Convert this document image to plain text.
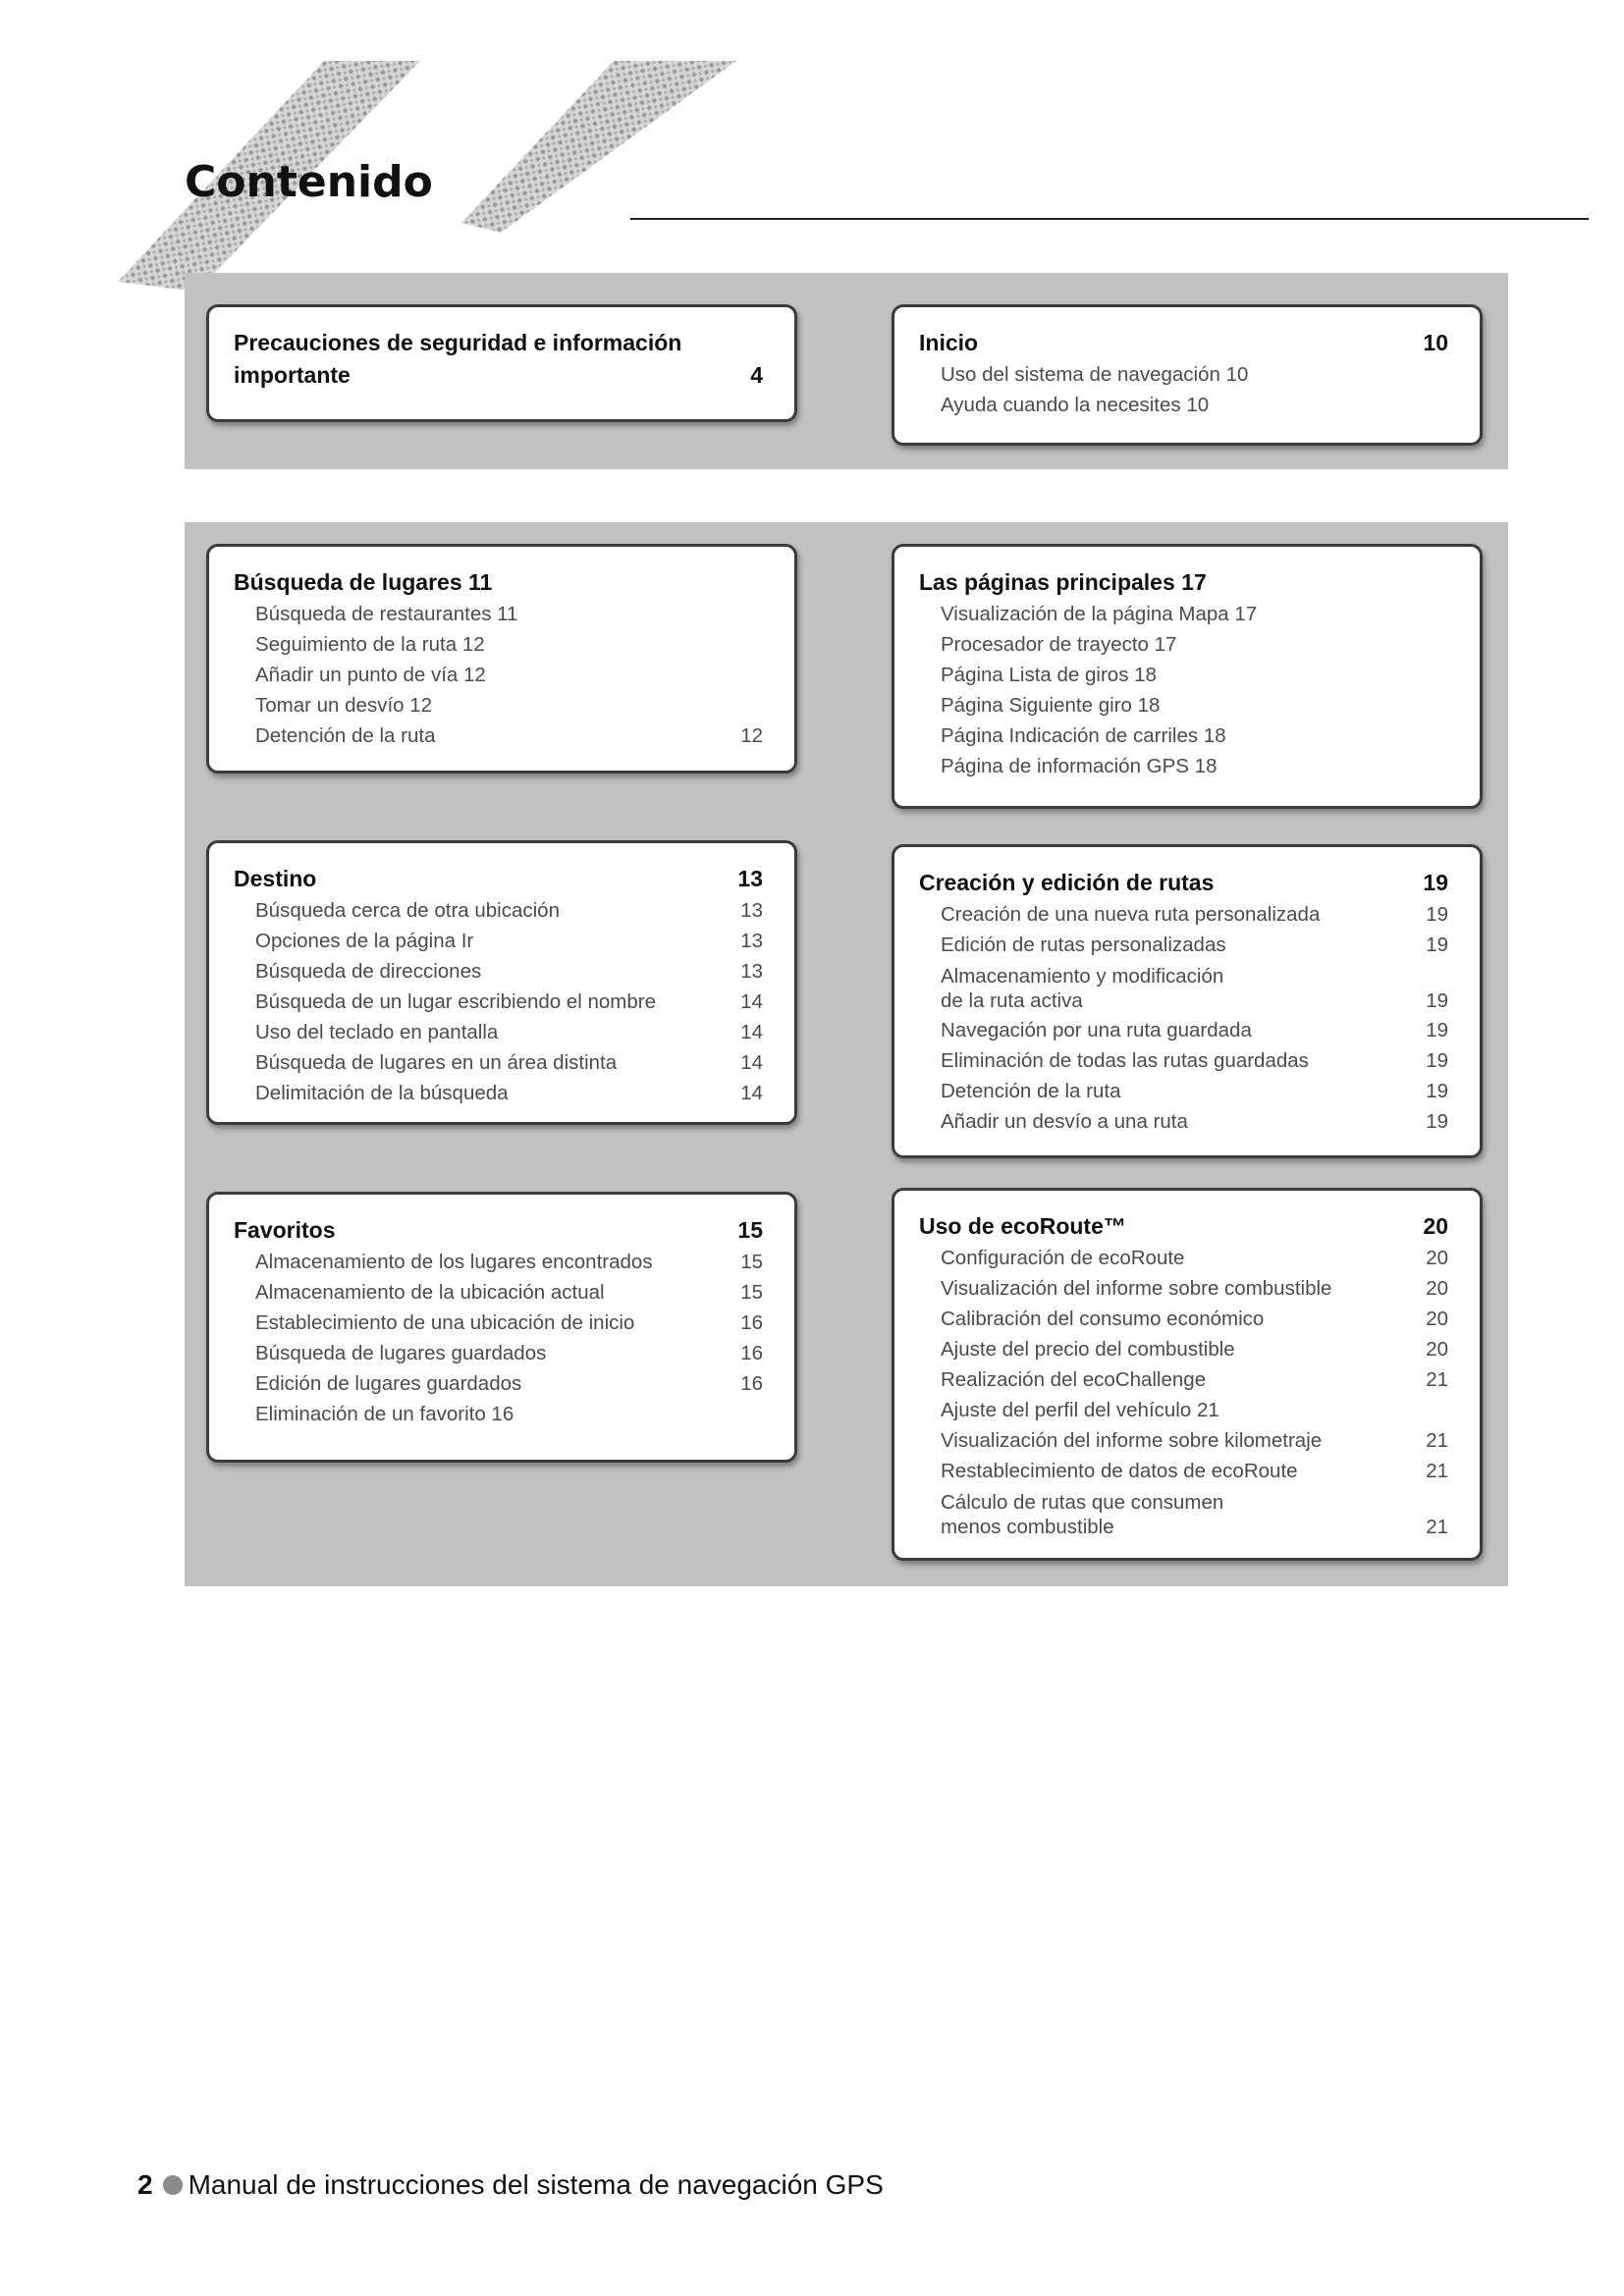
Contenido
Precauciones de seguridad e información
importante	4
Inicio	10
Uso del sistema de navegación 10
Ayuda cuando la necesites 10
Búsqueda de lugares 11
Búsqueda de restaurantes 11
Seguimiento de la ruta 12
Añadir un punto de vía 12
Tomar un desvío 12
Detención de la ruta	12
Las páginas principales 17
Visualización de la página Mapa 17
Procesador de trayecto 17
Página Lista de giros 18
Página Siguiente giro 18
Página Indicación de carriles 18
Página de información GPS 18
Destino	13
Búsqueda cerca de otra ubicación	13
Opciones de la página Ir	13
Búsqueda de direcciones	13
Búsqueda de un lugar escribiendo el nombre	14
Uso del teclado en pantalla	14
Búsqueda de lugares en un área distinta	14
Delimitación de la búsqueda	14
Creación y edición de rutas	19
Creación de una nueva ruta personalizada	19
Edición de rutas personalizadas	19
Almacenamiento y modificación
de la ruta activa	19
Navegación por una ruta guardada	19
Eliminación de todas las rutas guardadas	19
Detención de la ruta	19
Añadir un desvío a una ruta	19
Favoritos	15
Almacenamiento de los lugares encontrados	15
Almacenamiento de la ubicación actual	15
Establecimiento de una ubicación de inicio	16
Búsqueda de lugares guardados	16
Edición de lugares guardados	16
Eliminación de un favorito 16
Uso de ecoRoute™	20
Configuración de ecoRoute	20
Visualización del informe sobre combustible	20
Calibración del consumo económico	20
Ajuste del precio del combustible	20
Realización del ecoChallenge	21
Ajuste del perfil del vehículo 21
Visualización del informe sobre kilometraje	21
Restablecimiento de datos de ecoRoute	21
Cálculo de rutas que consumen
menos combustible	21
2 Manual de instrucciones del sistema de navegación GPS
